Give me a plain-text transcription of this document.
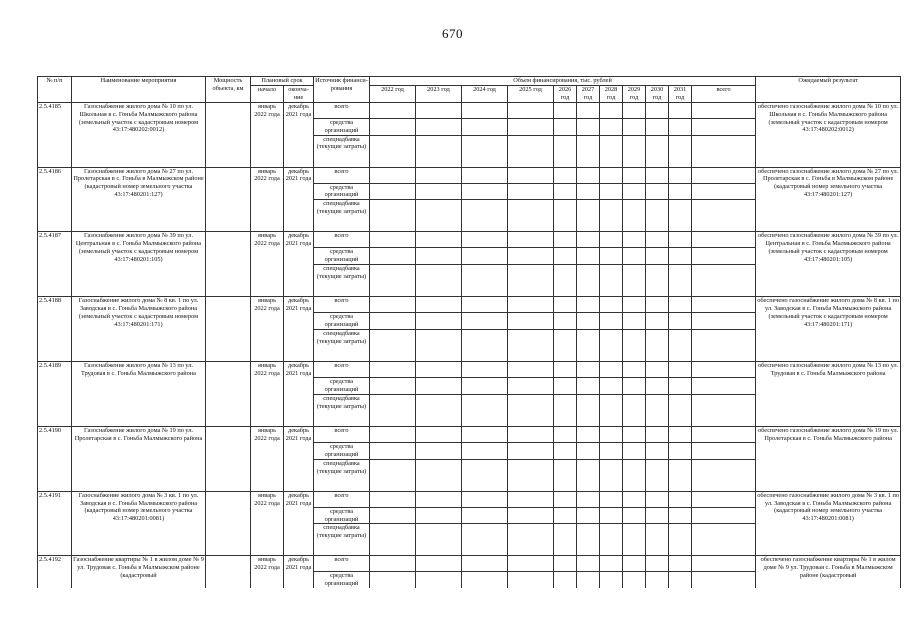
670
№ п/п	Наименование мероприятия	Мощность объекта, км	Плановый срок		Источник финанси-рования	Объем финансирования, тыс. рублей											Ожидаемый результат
			начало	оконча-ние		2022 год	2023 год	2024 год	2025 год	2026 год	2027 год	2028 год	2029 год	2030 год	2031 год	всего	
2.5.4185	Газоснабжение жилого дома № 10 по ул. Школьная в с. Гоньба Малмыжского района (земельный участок с кадастровым номером 43:17:480202:0012)		январь 2022 года	декабрь 2021 года	всего												обеспечено газоснабжение жилого дома № 10 по ул. Школьная в с. Гоньба Малмыжского района (земельный участок с кадастровым номером 43:17:480202:0012)
					средства организаций												
					спецнадбавка (текущие затраты)												
2.5.4186	Газоснабжение жилого дома № 27 по ул. Пролетарская в с. Гоньба в Малмыжском районе (кадастровый номер земельного участка 43:17:480201:127)		январь 2022 года	декабрь 2021 года	всего												обеспечено газоснабжение жилого дома № 27 по ул. Пролетарская в с. Гоньба в Малмыжском районе (кадастровый номер земельного участка 43:17:480201:127)
					средства организаций												
					спецнадбавка (текущие затраты)												
2.5.4187	Газоснабжение жилого дома № 39 по ул. Центральная в с. Гоньба Малмыжского района (земельный участок с кадастровым номером 43:17:480201:105)		январь 2022 года	декабрь 2021 года	всего												обеспечено газоснабжение жилого дома № 39 по ул. Центральная в с. Гоньба Малмыжского района (земельный участок с кадастровым номером 43:17:480201:105)
					средства организаций												
					спецнадбавка (текущие затраты)												
2.5.4188	Газоснабжение жилого дома № 8 кв. 1 по ул. Заводская в с. Гоньба Малмыжского района (земельный участок с кадастровым номером 43:17:480201:171)		январь 2022 года	декабрь 2021 года	всего												обеспечено газоснабжение жилого дома № 8 кв. 1 по ул. Заводская в с. Гоньба Малмыжского района (земельный участок с кадастровым номером 43:17:480201:171)
					средства организаций												
					спецнадбавка (текущие затраты)												
2.5.4189	Газоснабжение жилого дома № 13 по ул. Трудовая в с. Гоньба Малмыжского района		январь 2022 года	декабрь 2021 года	всего												обеспечено газоснабжение жилого дома № 13 по ул. Трудовая в с. Гоньба Малмыжского района
					средства организаций												
					спецнадбавка (текущие затраты)												
2.5.4190	Газоснабжение жилого дома № 19 по ул. Пролетарская в с. Гоньба Малмыжского района		январь 2022 года	декабрь 2021 года	всего												обеспечено газоснабжение жилого дома № 19 по ул. Пролетарская в с. Гоньба Малмыжского района
					средства организаций												
					спецнадбавка (текущие затраты)												
2.5.4191	Газоснабжение жилого дома № 3 кв. 1 по ул. Заводская в с. Гоньба Малмыжского района (кадастровый номер земельного участка 43:17:480201:0081)		январь 2022 года	декабрь 2021 года	всего												обеспечено газоснабжение жилого дома № 3 кв. 1 по ул. Заводская в с. Гоньба Малмыжского района (кадастровый номер земельного участка 43:17:480201:0081)
					средства организаций												
					спецнадбавка (текущие затраты)												
2.5.4192	Газоснабжение квартиры № 1 в жилом доме № 9 ул. Трудовая с. Гоньба в Малмыжском районе (кадастровый		январь 2022 года	декабрь 2021 года	всего												обеспечено газоснабжение квартиры № 1 в жилом доме № 9 ул. Трудовая с. Гоньба в Малмыжском районе (кадастровый
					средства организаций												
